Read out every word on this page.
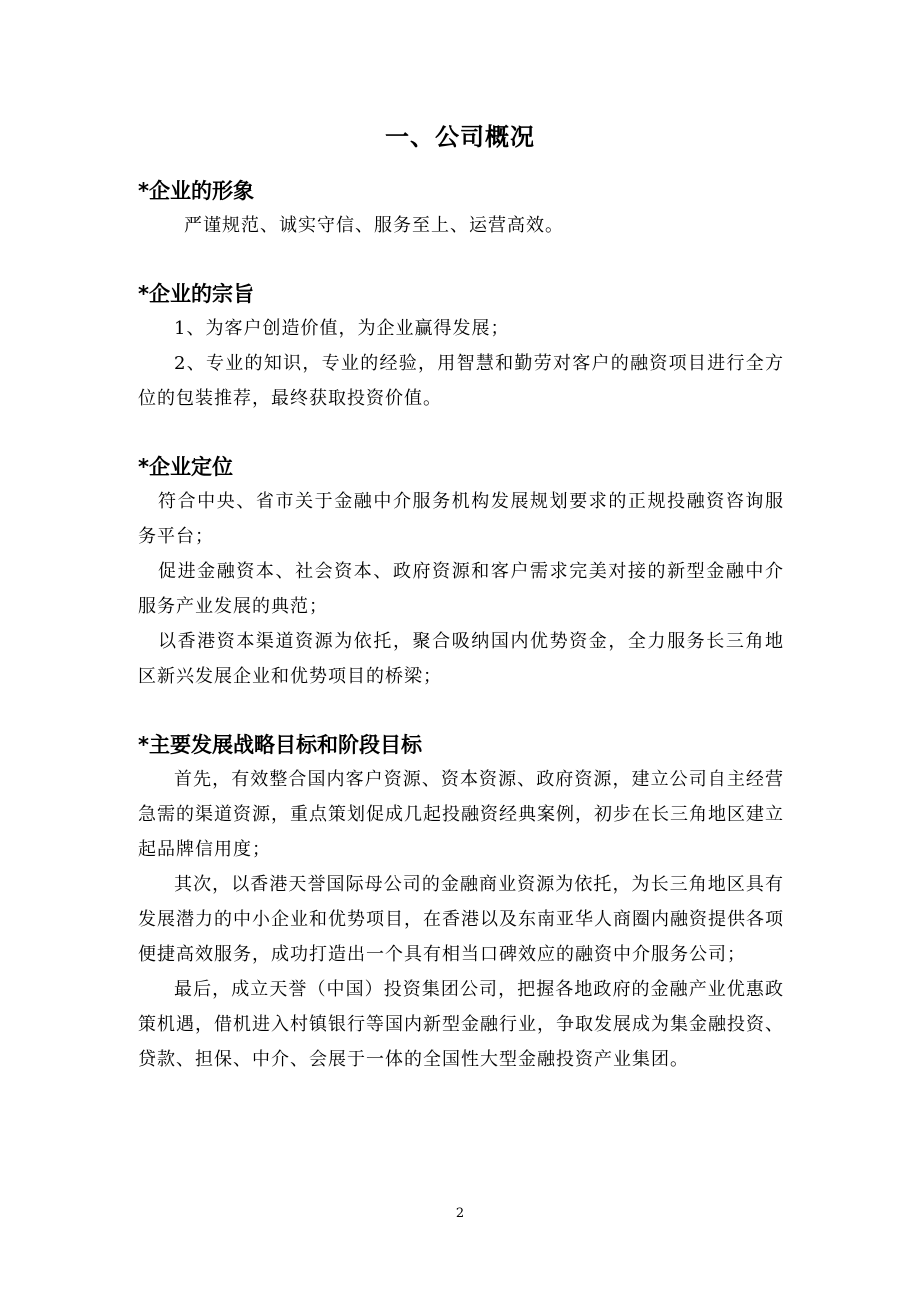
一、公司概况
*企业的形象

严谨规范、诚实守信、服务至上、运营高效。

*企业的宗旨

1、为客户创造价值，为企业赢得发展；

2、专业的知识，专业的经验，用智慧和勤劳对客户的融资项目进行全方位的包装推荐，最终获取投资价值。

*企业定位

符合中央、省市关于金融中介服务机构发展规划要求的正规投融资咨询服务平台；

促进金融资本、社会资本、政府资源和客户需求完美对接的新型金融中介服务产业发展的典范；

以香港资本渠道资源为依托，聚合吸纳国内优势资金，全力服务长三角地区新兴发展企业和优势项目的桥梁；

*主要发展战略目标和阶段目标

首先，有效整合国内客户资源、资本资源、政府资源，建立公司自主经营急需的渠道资源，重点策划促成几起投融资经典案例，初步在长三角地区建立起品牌信用度；

其次，以香港天誉国际母公司的金融商业资源为依托，为长三角地区具有发展潜力的中小企业和优势项目，在香港以及东南亚华人商圈内融资提供各项便捷高效服务，成功打造出一个具有相当口碑效应的融资中介服务公司；

最后，成立天誉（中国）投资集团公司，把握各地政府的金融产业优惠政策机遇，借机进入村镇银行等国内新型金融行业，争取发展成为集金融投资、贷款、担保、中介、会展于一体的全国性大型金融投资产业集团。

2
